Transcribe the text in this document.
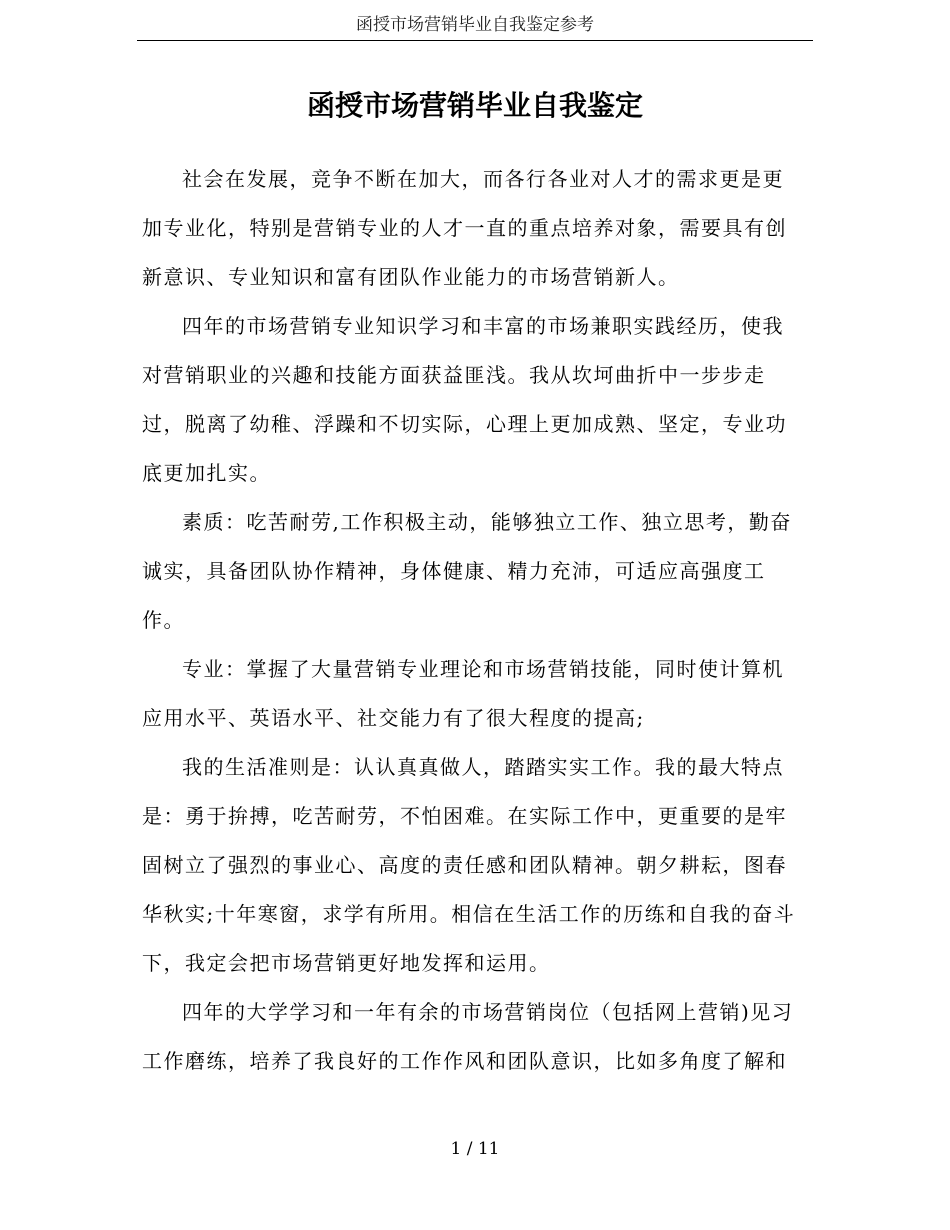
函授市场营销毕业自我鉴定参考
函授市场营销毕业自我鉴定

社会在发展，竞争不断在加大，而各行各业对人才的需求更是更
加专业化，特别是营销专业的人才一直的重点培养对象，需要具有创
新意识、专业知识和富有团队作业能力的市场营销新人。

四年的市场营销专业知识学习和丰富的市场兼职实践经历，使我
对营销职业的兴趣和技能方面获益匪浅。我从坎坷曲折中一步步走
过，脱离了幼稚、浮躁和不切实际，心理上更加成熟、坚定，专业功
底更加扎实。

素质：吃苦耐劳,工作积极主动，能够独立工作、独立思考，勤奋
诚实，具备团队协作精神，身体健康、精力充沛，可适应高强度工
作。

专业：掌握了大量营销专业理论和市场营销技能，同时使计算机
应用水平、英语水平、社交能力有了很大程度的提高;

我的生活准则是：认认真真做人，踏踏实实工作。我的最大特点
是：勇于拚搏，吃苦耐劳，不怕困难。在实际工作中，更重要的是牢
固树立了强烈的事业心、高度的责任感和团队精神。朝夕耕耘，图春
华秋实;十年寒窗，求学有所用。相信在生活工作的历练和自我的奋斗
下，我定会把市场营销更好地发挥和运用。

四年的大学学习和一年有余的市场营销岗位（包括网上营销)见习
工作磨练，培养了我良好的工作作风和团队意识，比如多角度了解和

1 / 11
